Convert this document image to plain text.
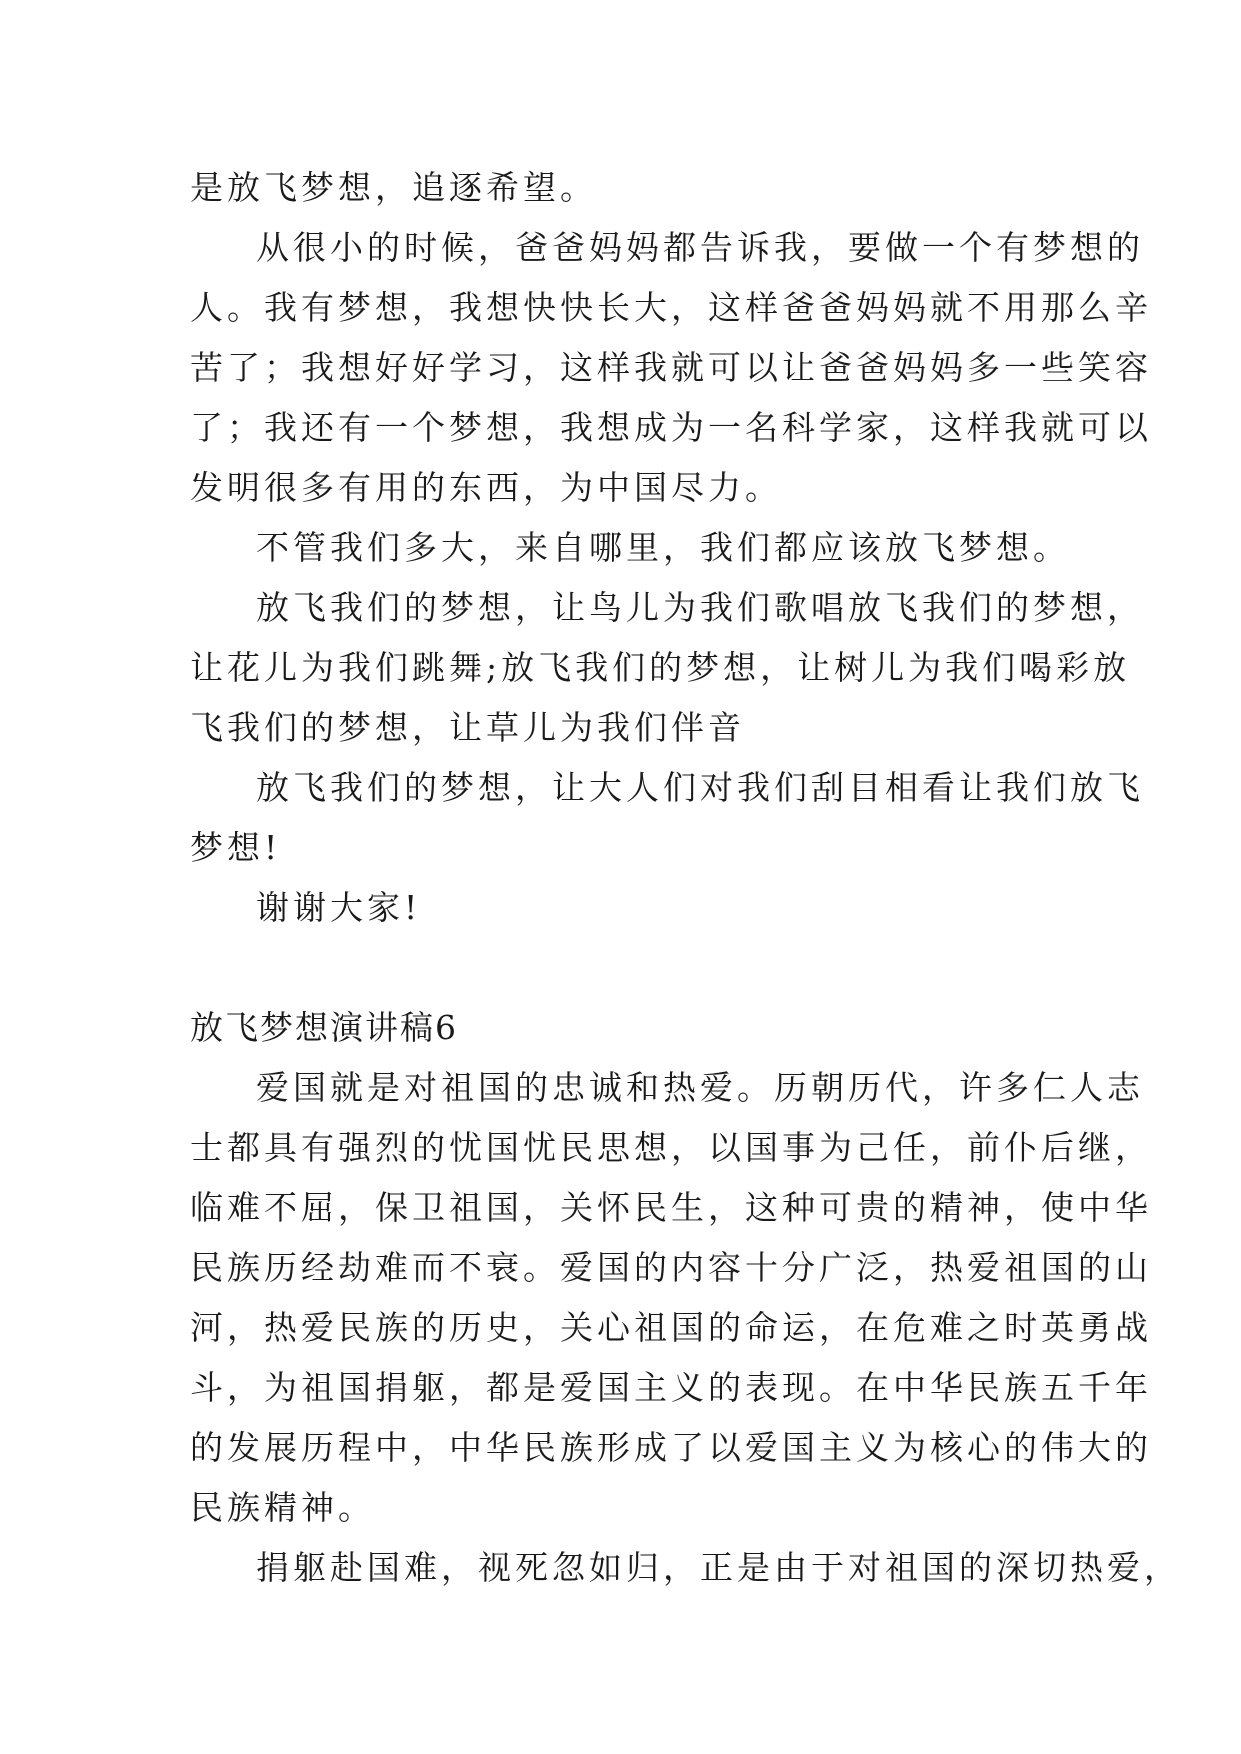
是放飞梦想，追逐希望。
从很小的时候，爸爸妈妈都告诉我，要做一个有梦想的
人。我有梦想，我想快快长大，这样爸爸妈妈就不用那么辛
苦了；我想好好学习，这样我就可以让爸爸妈妈多一些笑容
了；我还有一个梦想，我想成为一名科学家，这样我就可以
发明很多有用的东西，为中国尽力。
不管我们多大，来自哪里，我们都应该放飞梦想。
放飞我们的梦想，让鸟儿为我们歌唱放飞我们的梦想，
让花儿为我们跳舞;放飞我们的梦想，让树儿为我们喝彩放
飞我们的梦想，让草儿为我们伴音
放飞我们的梦想，让大人们对我们刮目相看让我们放飞
梦想!
谢谢大家!
放飞梦想演讲稿6
爱国就是对祖国的忠诚和热爱。历朝历代，许多仁人志
士都具有强烈的忧国忧民思想，以国事为己任，前仆后继，
临难不屈，保卫祖国，关怀民生，这种可贵的精神，使中华
民族历经劫难而不衰。爱国的内容十分广泛，热爱祖国的山
河，热爱民族的历史，关心祖国的命运，在危难之时英勇战
斗，为祖国捐躯，都是爱国主义的表现。在中华民族五千年
的发展历程中，中华民族形成了以爱国主义为核心的伟大的
民族精神。
捐躯赴国难，视死忽如归，正是由于对祖国的深切热爱，
